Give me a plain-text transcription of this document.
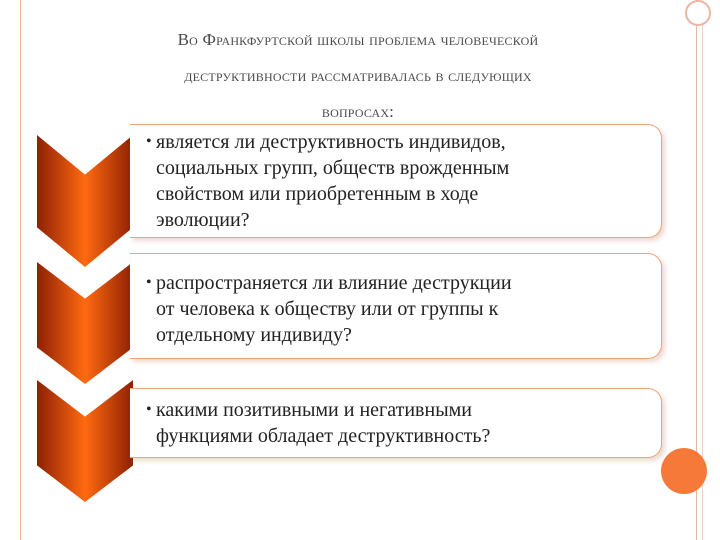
Во Франкфуртской школы проблема человеческой
деструктивности рассматривалась в следующих
вопросах:
• является ли деструктивность индивидов,
социальных групп, обществ врожденным
свойством или приобретенным в ходе
эволюции?
• распространяется ли влияние деструкции
от человека к обществу или от группы к
отдельному индивиду?
• какими позитивными и негативными
функциями обладает деструктивность?
